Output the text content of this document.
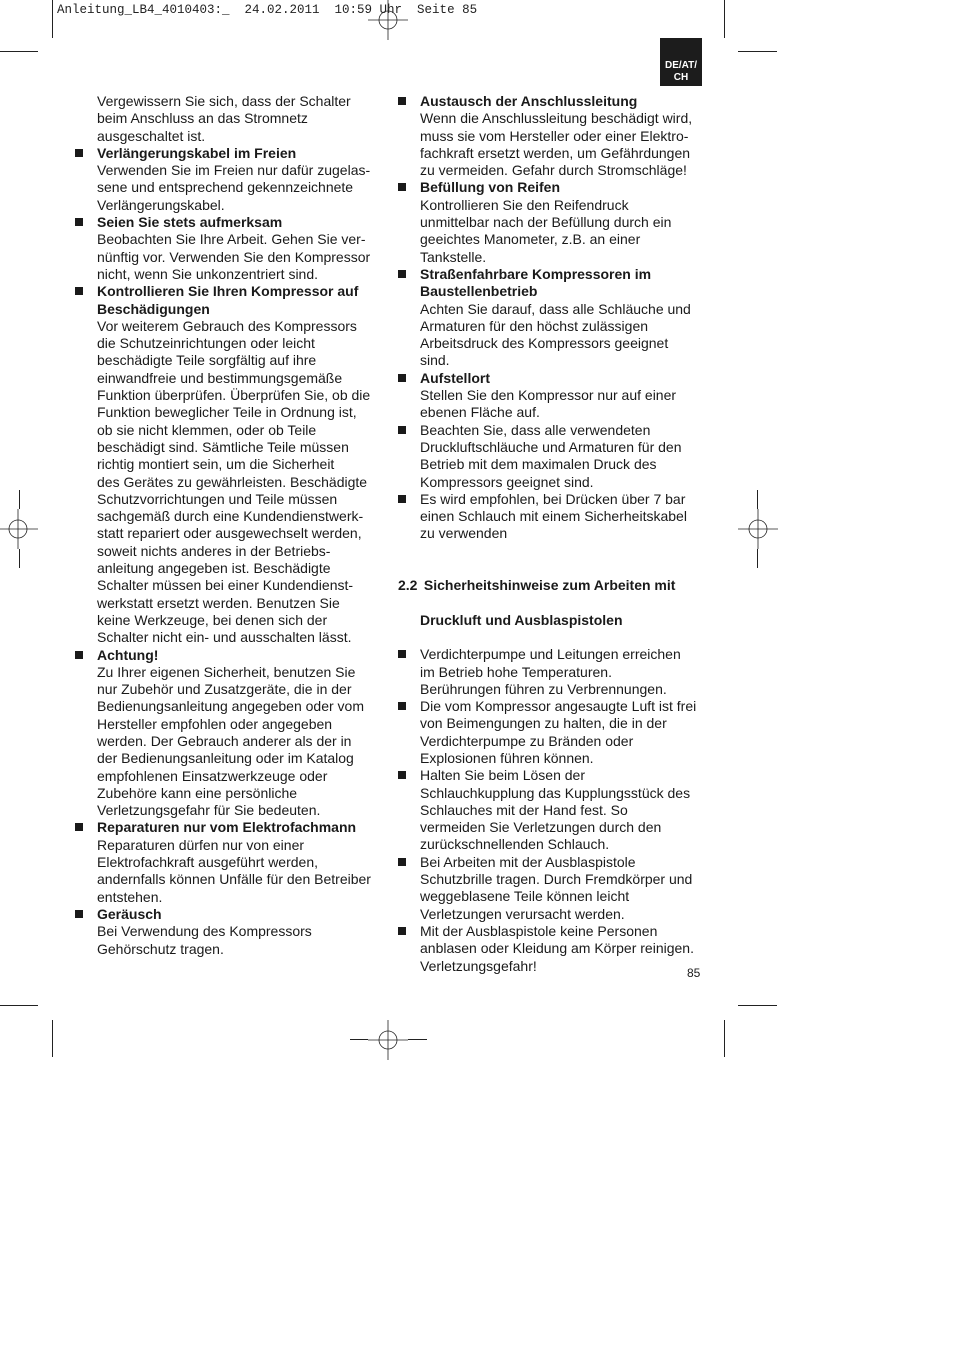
Anleitung_LB4_4010403:_  24.02.2011  10:59 Uhr  Seite 85
DE/AT/
CH
Vergewissern Sie sich, dass der Schalter
beim Anschluss an das Stromnetz
ausgeschaltet ist.
Verlängerungskabel im Freien
Verwenden Sie im Freien nur dafür zugelas-
sene und entsprechend gekennzeichnete
Verlängerungskabel.
Seien Sie stets aufmerksam
Beobachten Sie Ihre Arbeit. Gehen Sie ver-
nünftig vor. Verwenden Sie den Kompressor
nicht, wenn Sie unkonzentriert sind.
Kontrollieren Sie Ihren Kompressor auf
Beschädigungen
Vor weiterem Gebrauch des Kompressors
die Schutzeinrichtungen oder leicht
beschädigte Teile sorgfältig auf ihre
einwandfreie und bestimmungsgemäße
Funktion überprüfen. Überprüfen Sie, ob die
Funktion beweglicher Teile in Ordnung ist,
ob sie nicht klemmen, oder ob Teile
beschädigt sind. Sämtliche Teile müssen
richtig montiert sein, um die Sicherheit
des Gerätes zu gewährleisten. Beschädigte
Schutzvorrichtungen und Teile müssen
sachgemäß durch eine Kundendienstwerk-
statt repariert oder ausgewechselt werden,
soweit nichts anderes in der Betriebs-
anleitung angegeben ist. Beschädigte
Schalter müssen bei einer Kundendienst-
werkstatt ersetzt werden. Benutzen Sie
keine Werkzeuge, bei denen sich der
Schalter nicht ein- und ausschalten lässt.
Achtung!
Zu Ihrer eigenen Sicherheit, benutzen Sie
nur Zubehör und Zusatzgeräte, die in der
Bedienungsanleitung angegeben oder vom
Hersteller empfohlen oder angegeben
werden. Der Gebrauch anderer als der in
der Bedienungsanleitung oder im Katalog
empfohlenen Einsatzwerkzeuge oder
Zubehöre kann eine persönliche
Verletzungsgefahr für Sie bedeuten.
Reparaturen nur vom Elektrofachmann
Reparaturen dürfen nur von einer
Elektrofachkraft ausgeführt werden,
andernfalls können Unfälle für den Betreiber
entstehen.
Geräusch
Bei Verwendung des Kompressors
Gehörschutz tragen.
Austausch der Anschlussleitung
Wenn die Anschlussleitung beschädigt wird,
muss sie vom Hersteller oder einer Elektro-
fachkraft ersetzt werden, um Gefährdungen
zu vermeiden. Gefahr durch Stromschläge!
Befüllung von Reifen
Kontrollieren Sie den Reifendruck
unmittelbar nach der Befüllung durch ein
geeichtes Manometer, z.B. an einer
Tankstelle.
Straßenfahrbare Kompressoren im
Baustellenbetrieb
Achten Sie darauf, dass alle Schläuche und
Armaturen für den höchst zulässigen
Arbeitsdruck des Kompressors geeignet
sind.
Aufstellort
Stellen Sie den Kompressor nur auf einer
ebenen Fläche auf.
Beachten Sie, dass alle verwendeten
Druckluftschläuche und Armaturen für den
Betrieb mit dem maximalen Druck des
Kompressors geeignet sind.
Es wird empfohlen, bei Drücken über 7 bar
einen Schlauch mit einem Sicherheitskabel
zu verwenden

2.2 Sicherheitshinweise zum Arbeiten mit

Druckluft und Ausblaspistolen

Verdichterpumpe und Leitungen erreichen
im Betrieb hohe Temperaturen.
Berührungen führen zu Verbrennungen.
Die vom Kompressor angesaugte Luft ist frei
von Beimengungen zu halten, die in der
Verdichterpumpe zu Bränden oder
Explosionen führen können.
Halten Sie beim Lösen der
Schlauchkupplung das Kupplungsstück des
Schlauches mit der Hand fest. So
vermeiden Sie Verletzungen durch den
zurückschnellenden Schlauch.
Bei Arbeiten mit der Ausblaspistole
Schutzbrille tragen. Durch Fremdkörper und
weggeblasene Teile können leicht
Verletzungen verursacht werden.
Mit der Ausblaspistole keine Personen
anblasen oder Kleidung am Körper reinigen.
Verletzungsgefahr!	85
